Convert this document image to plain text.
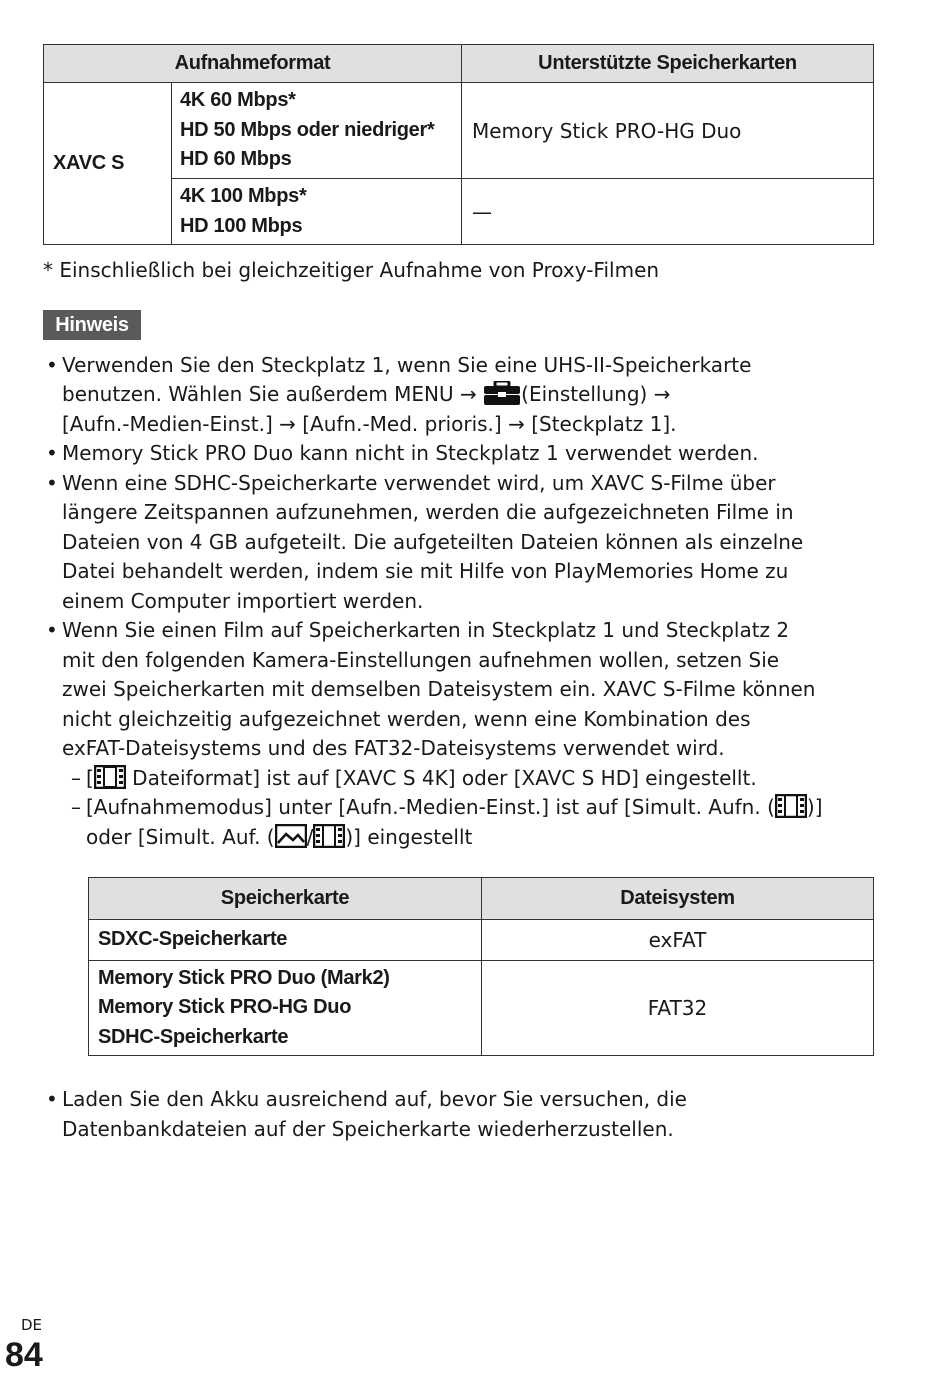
Aufnahmeformat		Unterstützte Speicherkarten
XAVC S	4K 60 Mbps*
HD 50 Mbps oder niedriger*
HD 60 Mbps	Memory Stick PRO-HG Duo

	4K 100 Mbps*
HD 100 Mbps	—
* Einschließlich bei gleichzeitiger Aufnahme von Proxy-Filmen
Hinweis
• Verwenden Sie den Steckplatz 1, wenn Sie eine UHS-II-Speicherkarte
benutzen. Wählen Sie außerdem MENU → (Einstellung) →
[Aufn.-Medien-Einst.] → [Aufn.-Med. prioris.] → [Steckplatz 1].
• Memory Stick PRO Duo kann nicht in Steckplatz 1 verwendet werden.
• Wenn eine SDHC-Speicherkarte verwendet wird, um XAVC S-Filme über
längere Zeitspannen aufzunehmen, werden die aufgezeichneten Filme in
Dateien von 4 GB aufgeteilt. Die aufgeteilten Dateien können als einzelne
Datei behandelt werden, indem sie mit Hilfe von PlayMemories Home zu
einem Computer importiert werden.
• Wenn Sie einen Film auf Speicherkarten in Steckplatz 1 und Steckplatz 2
mit den folgenden Kamera-Einstellungen aufnehmen wollen, setzen Sie
zwei Speicherkarten mit demselben Dateisystem ein. XAVC S-Filme können
nicht gleichzeitig aufgezeichnet werden, wenn eine Kombination des
exFAT-Dateisystems und des FAT32-Dateisystems verwendet wird.
– [ Dateiformat] ist auf [XAVC S 4K] oder [XAVC S HD] eingestellt.
– [Aufnahmemodus] unter [Aufn.-Medien-Einst.] ist auf [Simult. Aufn. ( )]
oder [Simult. Auf. ( / )] eingestellt
Speicherkarte	Dateisystem

SDXC-Speicherkarte	exFAT

Memory Stick PRO Duo (Mark2)
Memory Stick PRO-HG Duo
SDHC-Speicherkarte	FAT32
• Laden Sie den Akku ausreichend auf, bevor Sie versuchen, die
Datenbankdateien auf der Speicherkarte wiederherzustellen.
DE
84
